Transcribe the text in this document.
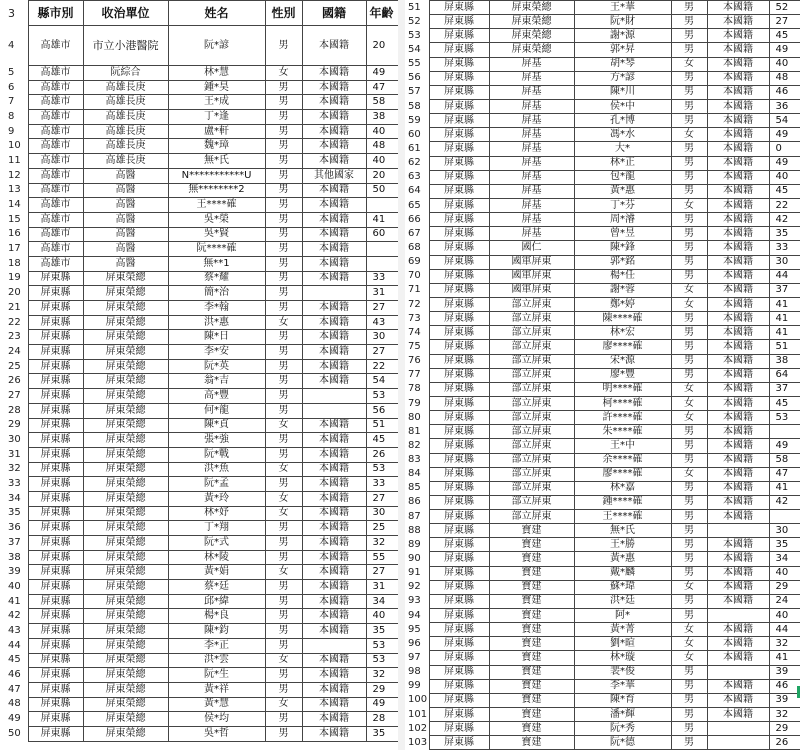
3	縣市別	收治單位	姓名	性別	國籍	年齡
4	高雄市	市立小港醫院	阮*諺	男	本國籍	20
5	高雄市	阮綜合	林*慧	女	本國籍	49
6	高雄市	高雄長庚	鍾*昊	男	本國籍	47
7	高雄市	高雄長庚	王*成	男	本國籍	58
8	高雄市	高雄長庚	丁*逢	男	本國籍	38
9	高雄市	高雄長庚	盧*軒	男	本國籍	40
10	高雄市	高雄長庚	魏*璋	男	本國籍	48
11	高雄市	高雄長庚	無*氏	男	本國籍	40
12	高雄市	高醫	N***********U	男	其他國家	20
13	高雄市	高醫	無********2	男	本國籍	50
14	高雄市	高醫	王****確	男	本國籍	
15	高雄市	高醫	吳*榮	男	本國籍	41
16	高雄市	高醫	吳*賢	男	本國籍	60
17	高雄市	高醫	阮****確	男	本國籍	
18	高雄市	高醫	無**1	男	本國籍	
19	屏東縣	屏東榮總	蔡*耀	男	本國籍	33
20	屏東縣	屏東榮總	簡*治	男		31
21	屏東縣	屏東榮總	李*翰	男	本國籍	27
22	屏東縣	屏東榮總	洪*惠	女	本國籍	43
23	屏東縣	屏東榮總	陳*日	男	本國籍	30
24	屏東縣	屏東榮總	李*安	男	本國籍	27
25	屏東縣	屏東榮總	阮*英	男	本國籍	22
26	屏東縣	屏東榮總	翁*吉	男	本國籍	54
27	屏東縣	屏東榮總	高*豐	男		53
28	屏東縣	屏東榮總	何*龍	男		56
29	屏東縣	屏東榮總	陳*貞	女	本國籍	51
30	屏東縣	屏東榮總	張*強	男	本國籍	45
31	屏東縣	屏東榮總	阮*戰	男	本國籍	26
32	屏東縣	屏東榮總	洪*魚	女	本國籍	53
33	屏東縣	屏東榮總	阮*孟	男	本國籍	33
34	屏東縣	屏東榮總	黃*玲	女	本國籍	27
35	屏東縣	屏東榮總	林*妤	女	本國籍	30
36	屏東縣	屏東榮總	丁*翔	男	本國籍	25
37	屏東縣	屏東榮總	阮*式	男	本國籍	32
38	屏東縣	屏東榮總	林*陵	男	本國籍	55
39	屏東縣	屏東榮總	黃*娟	女	本國籍	27
40	屏東縣	屏東榮總	蔡*廷	男	本國籍	31
41	屏東縣	屏東榮總	邱*緯	男	本國籍	34
42	屏東縣	屏東榮總	楊*良	男	本國籍	40
43	屏東縣	屏東榮總	陳*鈞	男	本國籍	35
44	屏東縣	屏東榮總	李*正	男		53
45	屏東縣	屏東榮總	洪*雲	女	本國籍	53
46	屏東縣	屏東榮總	阮*生	男	本國籍	32
47	屏東縣	屏東榮總	黃*祥	男	本國籍	29
48	屏東縣	屏東榮總	黃*慧	女	本國籍	49
49	屏東縣	屏東榮總	侯*均	男	本國籍	28
50	屏東縣	屏東榮總	吳*哲	男	本國籍	35
51	屏東縣	屏東榮總	王*華	男	本國籍	52
52	屏東縣	屏東榮總	阮*財	男	本國籍	27
53	屏東縣	屏東榮總	謝*源	男	本國籍	45
54	屏東縣	屏東榮總	郭*昇	男	本國籍	49
55	屏東縣	屏基	胡*琴	女	本國籍	40
56	屏東縣	屏基	方*諺	男	本國籍	48
57	屏東縣	屏基	陳*川	男	本國籍	46
58	屏東縣	屏基	侯*中	男	本國籍	36
59	屏東縣	屏基	孔*博	男	本國籍	54
60	屏東縣	屏基	馮*水	女	本國籍	49
61	屏東縣	屏基	大*	男	本國籍	0
62	屏東縣	屏基	林*正	男	本國籍	49
63	屏東縣	屏基	包*龍	男	本國籍	40
64	屏東縣	屏基	黃*惠	男	本國籍	45
65	屏東縣	屏基	丁*芬	女	本國籍	22
66	屏東縣	屏基	周*濬	男	本國籍	42
67	屏東縣	屏基	曾*昱	男	本國籍	35
68	屏東縣	國仁	陳*鋒	男	本國籍	33
69	屏東縣	國軍屏東	郭*銘	男	本國籍	30
70	屏東縣	國軍屏東	楊*任	男	本國籍	44
71	屏東縣	國軍屏東	謝*蓉	女	本國籍	37
72	屏東縣	部立屏東	鄭*婷	女	本國籍	41
73	屏東縣	部立屏東	陳****確	男	本國籍	41
74	屏東縣	部立屏東	林*宏	男	本國籍	41
75	屏東縣	部立屏東	廖****確	男	本國籍	51
76	屏東縣	部立屏東	宋*源	男	本國籍	38
77	屏東縣	部立屏東	廖*豐	男	本國籍	64
78	屏東縣	部立屏東	明****確	女	本國籍	37
79	屏東縣	部立屏東	柯****確	女	本國籍	45
80	屏東縣	部立屏東	許****確	女	本國籍	53
81	屏東縣	部立屏東	朱****確	男	本國籍	
82	屏東縣	部立屏東	王*中	男	本國籍	49
83	屏東縣	部立屏東	余****確	男	本國籍	58
84	屏東縣	部立屏東	廖****確	女	本國籍	47
85	屏東縣	部立屏東	林*嘉	男	本國籍	41
86	屏東縣	部立屏東	鍾****確	男	本國籍	42
87	屏東縣	部立屏東	王****確	男	本國籍	
88	屏東縣	寶建	無*氏	男		30
89	屏東縣	寶建	王*勝	男	本國籍	35
90	屏東縣	寶建	黃*惠	男	本國籍	34
91	屏東縣	寶建	戴*麟	男	本國籍	40
92	屏東縣	寶建	蘇*瑋	女	本國籍	29
93	屏東縣	寶建	洪*廷	男	本國籍	24
94	屏東縣	寶建	阿*	男		40
95	屏東縣	寶建	黃*菁	女	本國籍	44
96	屏東縣	寶建	劉*暄	女	本國籍	32
97	屏東縣	寶建	林*璇	女	本國籍	41
98	屏東縣	寶建	裴*俊	男		39
99	屏東縣	寶建	李*華	男	本國籍	46
100	屏東縣	寶建	陳*育	男	本國籍	39
101	屏東縣	寶建	潘*輝	男	本國籍	32
102	屏東縣	寶建	阮*秀	男		29
103	屏東縣	寶建	阮*德	男		26
